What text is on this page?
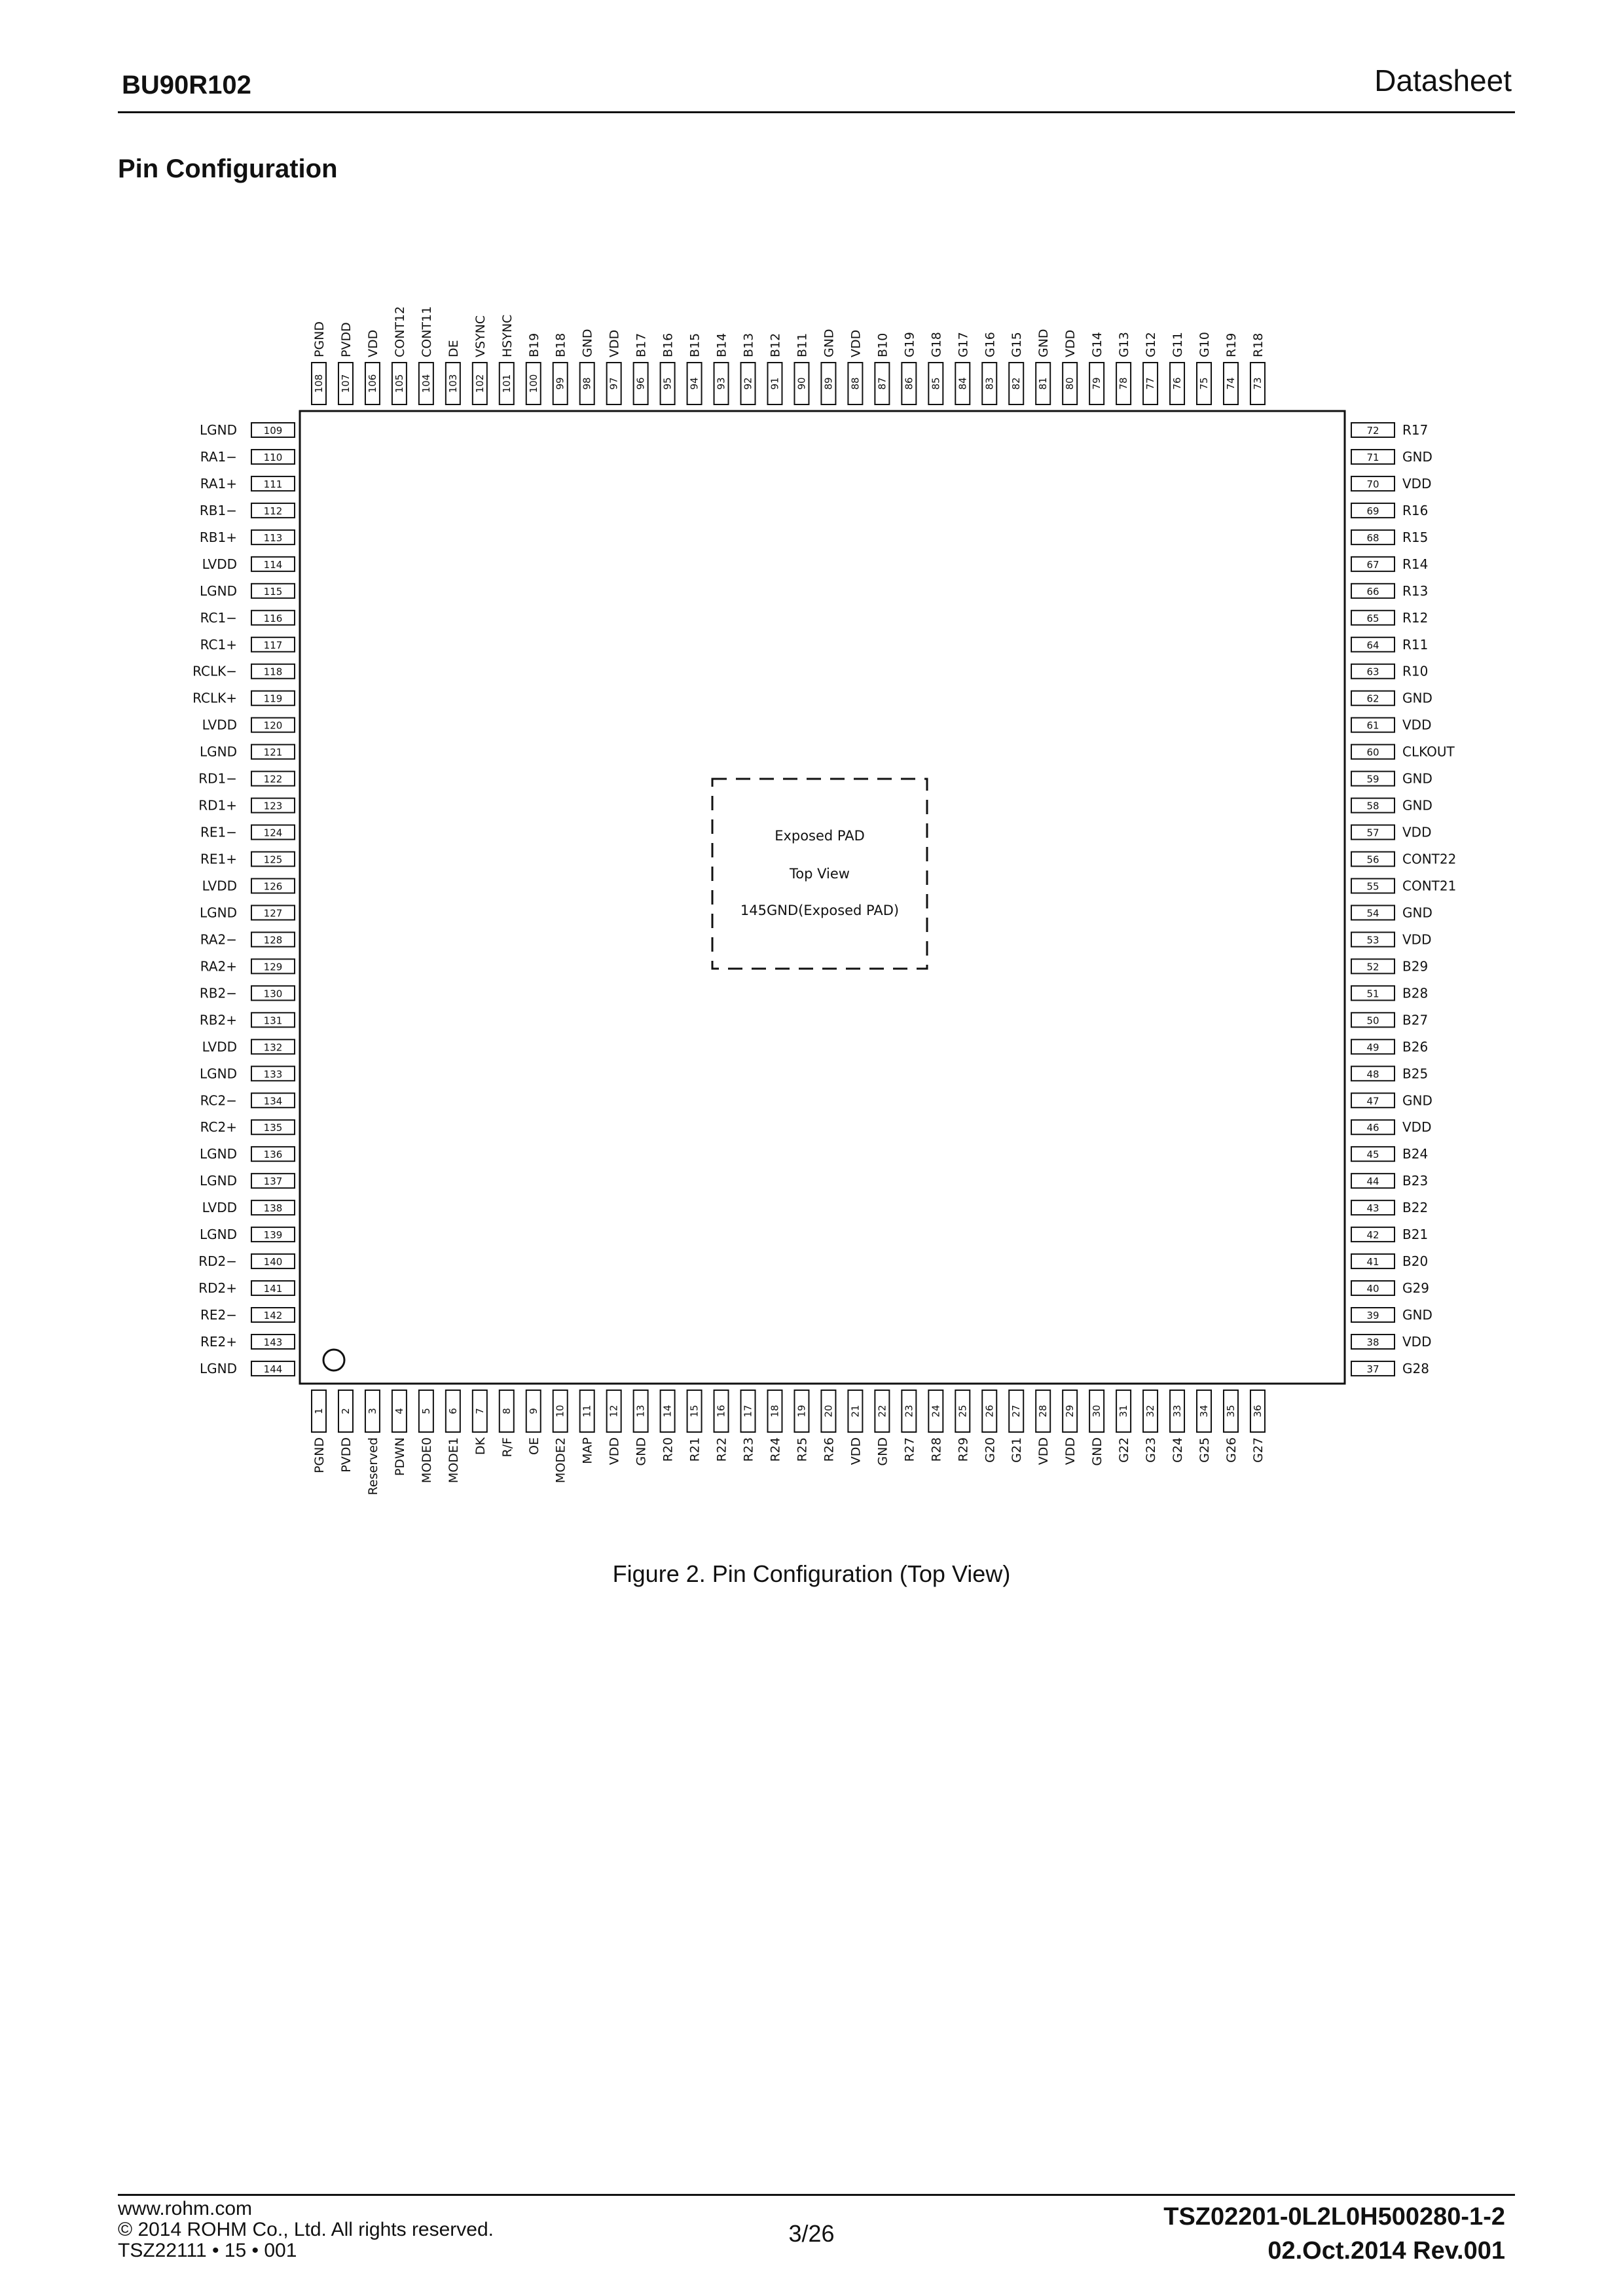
BU90R102	Datasheet
Pin Configuration
Exposed PAD
Top View
145GND(Exposed PAD)
1
PGND
2
PVDD
3
Reserved
4
PDWN
5
MODE0
6
MODE1
7
DK
8
R/F
9
OE
10
MODE2
11
MAP
12
VDD
13
GND
14
R20
15
R21
16
R22
17
R23
18
R24
19
R25
20
R26
21
VDD
22
GND
23
R27
24
R28
25
R29
26
G20
27
G21
28
VDD
29
VDD
30
GND
31
G22
32
G23
33
G24
34
G25
35
G26
36
G27
72 R17
71 GND
70 VDD
69 R16
68 R15
67 R14
66 R13
65 R12
64 R11
63 R10
62 GND
61 VDD
60 CLKOUT
59 GND
58 GND
57 VDD
56 CONT22
55 CONT21
54 GND
53 VDD
52 B29
51 B28
50 B27
49 B26
48 B25
47 GND
46 VDD
45 B24
44 B23
43 B22
42 B21
41 B20
40 G29
39 GND
38 VDD
37 G28
108
PGND
107
PVDD
106
VDD
105
CONT12
104
CONT11
103
DE
102
VSYNC
101
HSYNC
100
B19
99
B18
98
GND
97
VDD
96
B17
95
B16
94
B15
93
B14
92
B13
91
B12
90
B11
89
GND
88
VDD
87
B10
86
G19
85
G18
84
G17
83
G16
82
G15
81
GND
80
VDD
79
G14
78
G13
77
G12
76
G11
75
G10
74
R19
73
R18
109
LGND
110
RA1−
111
RA1+
112
RB1−
113
RB1+
114
LVDD
115
LGND
116
RC1−
117
RC1+
118
RCLK−
119
RCLK+
120
LVDD
121
LGND
122
RD1−
123
RD1+
124
RE1−
125
RE1+
126
LVDD
127
LGND
128
RA2−
129
RA2+
130
RB2−
131
RB2+
132
LVDD
133
LGND
134
RC2−
135
RC2+
136
LGND
137
LGND
138
LVDD
139
LGND
140
RD2−
141
RD2+
142
RE2−
143
RE2+
144
LGND
Figure 2. Pin Configuration (Top View)
www.rohm.com
© 2014 ROHM Co., Ltd. All rights reserved.
TSZ22111 • 15 • 001
3/26
TSZ02201-0L2L0H500280-1-2
02.Oct.2014 Rev.001
